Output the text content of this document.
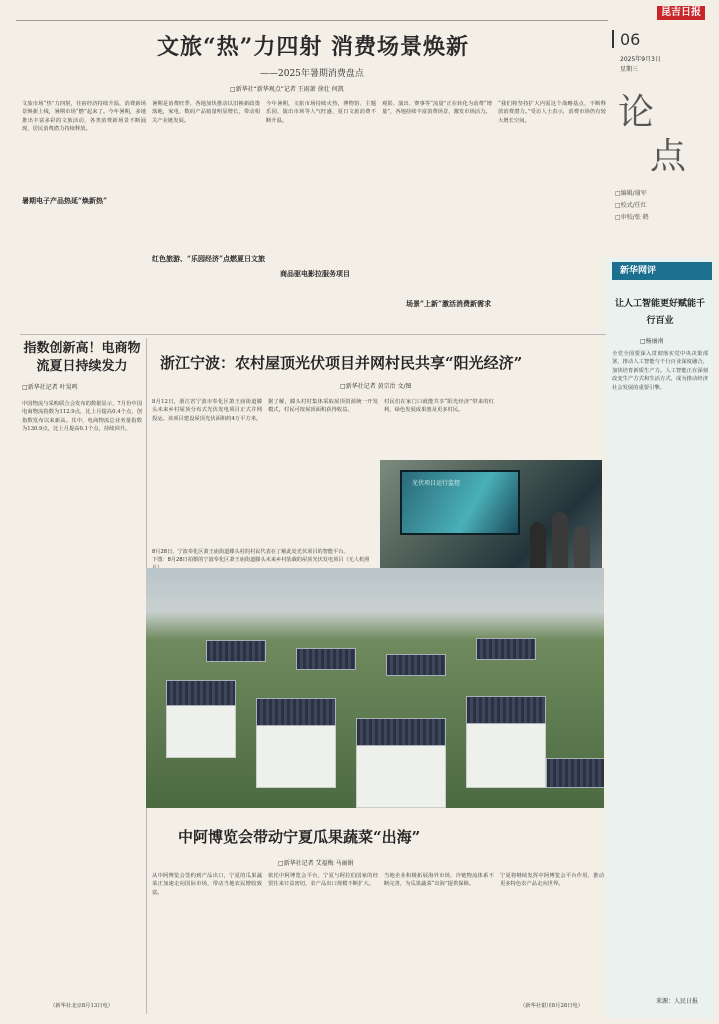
昆吉日报
06
2025年9月3日
星期三
论
点
□编辑/谢军
□校式/任红
□审校/张 鹤
文旅“热”力四射 消费场景焕新
——2025年暑期消费盘点
□新华社“新华观点”记者 王雨萧 徐壮 何凯
文旅市场“热”力四射，住宿经济持续升温，消费新场景焕新上线，暑期市场“燃”起来了。今年暑期，多地推出丰富多彩的文旅活动，各类消费新场景不断涌现，居民消费潜力持续释放。
暑期电子产品热延“焕新热”
暑期是消费旺季，各地加快推动以旧换新政策落地，家电、数码产品销量明显增长，带动相关产业链发展。
红色旅游、“乐园经济”点燃夏日文旅
今年暑期，文旅市场持续火热，博物馆、主题乐园、演出市场等人气旺盛，夏日文旅消费不断升温。
商品驱电影拉服务项目
观影、演出、赛事等“流量”正在转化为消费“增量”，各地持续丰富消费场景，激发市场活力。
场景“上新”激活消费新需求
“我们将坚持扩大内需这个战略基点，不断释放消费潜力。”受访人士表示，消费市场仍有较大增长空间。
指数创新高！电商物流夏日持续发力
□新华社记者 叶昊鸣
中国物流与采购联合会发布的数据显示，7月份中国电商物流指数为112.9点，比上月提高0.4个点，创指数发布以来新高。其中，电商物流总业务量指数为130.9点，比上月提高0.1个点，持续回升。
（新华社北京8月13日电）
浙江宁波：农村屋顶光伏项目并网村民共享“阳光经济”
□新华社记者 黄宗治 文/图
8月12日，浙江省宁波市奉化区萧王庙街道滕头未来乡村屋顶分布式光伏发电项目正式并网投运。该项目建设屋顶光伏面积约4万平方米。
据了解，滕头村村集体采取屋顶资源统一开发模式，村民可按屋顶面积获得收益。
村民们在家门口就能共享“阳光经济”带来的红利，绿色发展成果惠及更多村民。
光伏项目运行监控
8月28日，宁波奉化区萧王庙街道滕头村的村民代表在了解此处光伏项目的智能平台。
下图：8月28日拍摄的宁波奉化区萧王庙街道滕头未来乡村装载的屋顶光伏发电项目（无人机照
中阿博览会带动宁夏瓜果蔬菜“出海”
□新华社记者 艾福梅 马丽娟
从中阿博览会签约到产品出口，宁夏的瓜果蔬菜正加速走向国际市场，带动当地农民增收致富。
依托中阿博览会平台，宁夏与阿拉伯国家的经贸往来日益密切，农产品出口规模不断扩大。
当地企业积极拓展海外市场，冷链物流体系不断完善，为瓜果蔬菜“出海”提供保障。
宁夏将继续发挥中阿博览会平台作用，推动更多特色农产品走向世界。
（新华社银川8月28日电）
新华网评
让人工智能更好赋能千行百业
□杨丽南
全党全国要深入贯彻落实党中央决策部署，推动人工智能与千行百业深度融合，加快培育新质生产力。人工智能正在深刻改变生产方式和生活方式，成为推动经济社会发展的重要引擎。
来源：人民日报
